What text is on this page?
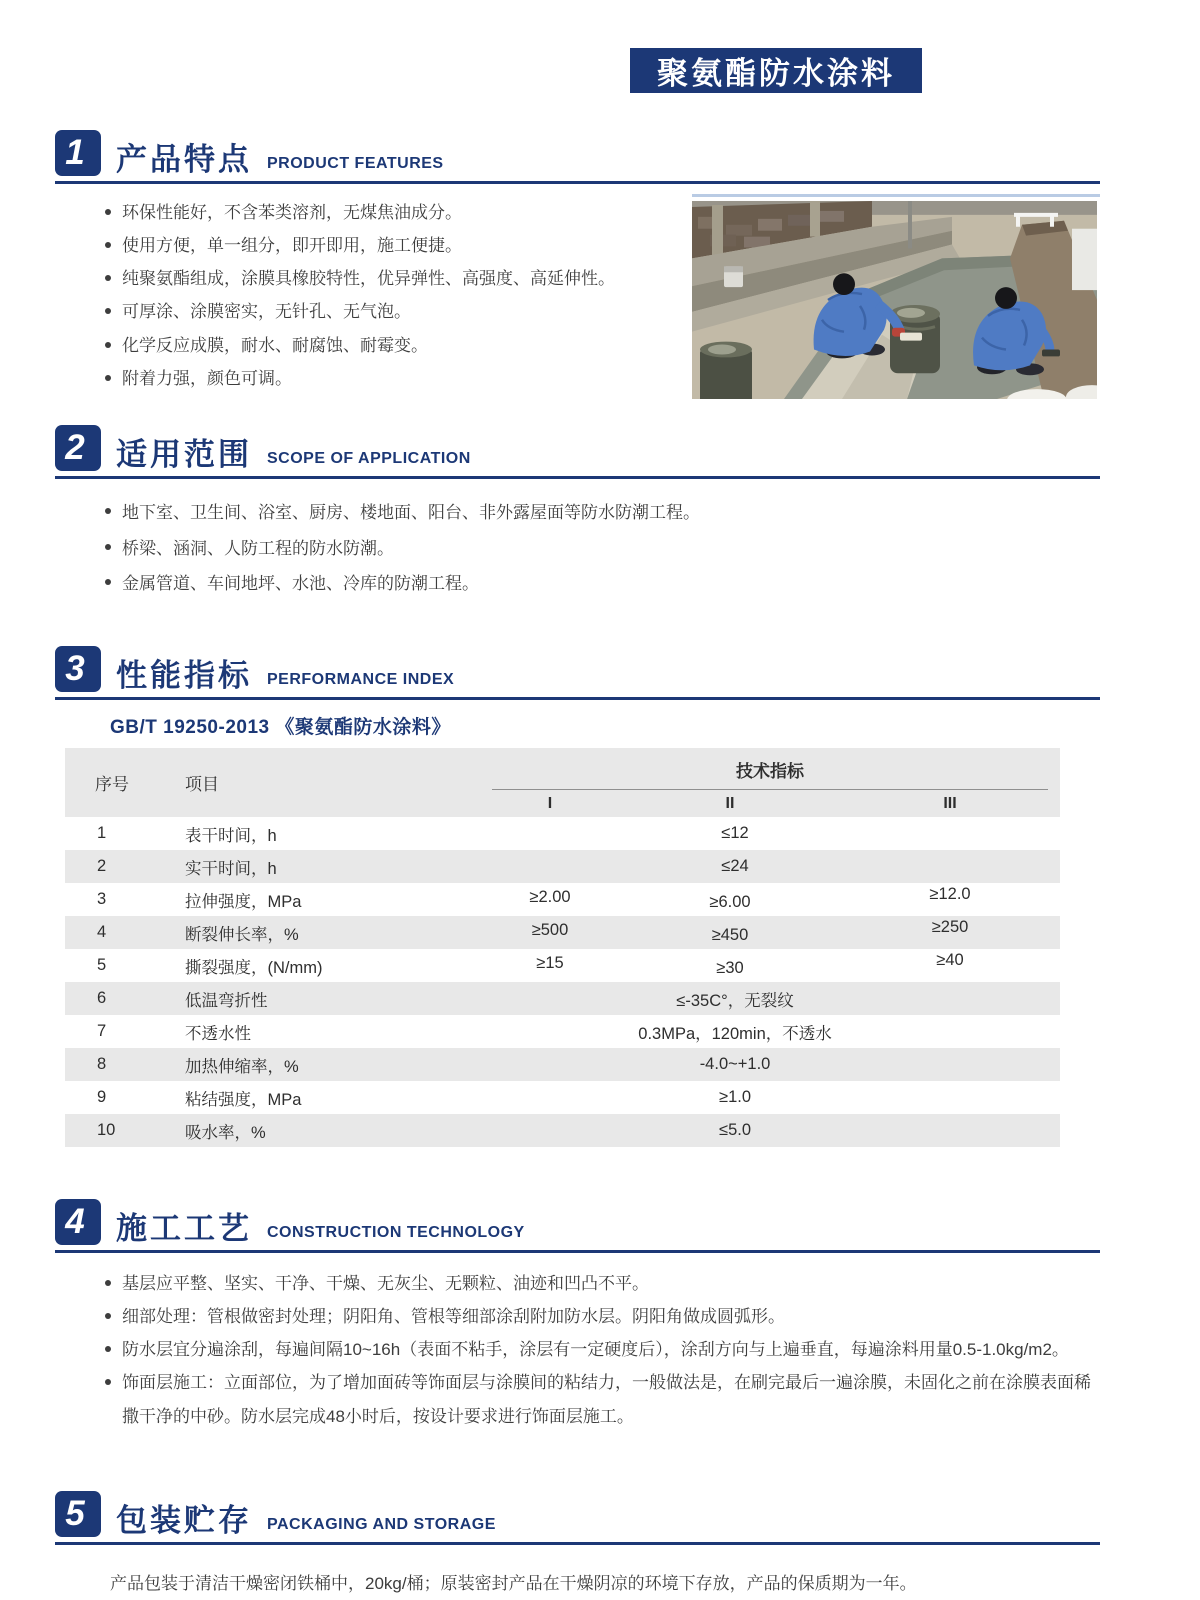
聚氨酯防水涂料
1	产品特点 PRODUCT FEATURES
环保性能好，不含苯类溶剂，无煤焦油成分。
使用方便，单一组分，即开即用，施工便捷。
纯聚氨酯组成，涂膜具橡胶特性，优异弹性、高强度、高延伸性。
可厚涂、涂膜密实，无针孔、无气泡。
化学反应成膜，耐水、耐腐蚀、耐霉变。
附着力强，颜色可调。
2	适用范围 SCOPE OF APPLICATION
地下室、卫生间、浴室、厨房、楼地面、阳台、非外露屋面等防水防潮工程。
桥梁、涵洞、人防工程的防水防潮。
金属管道、车间地坪、水池、冷库的防潮工程。
3	性能指标 PERFORMANCE INDEX

GB/T 19250-2013 《聚氨酯防水涂料》

序号	项目	技术指标		

		I	II	III
1	表干时间，h	≤12		
2	实干时间，h	≤24		
3	拉伸强度，MPa	≥2.00	≥6.00	≥12.0
4	断裂伸长率，%	≥500	≥450	≥250
5	撕裂强度，(N/mm)	≥15	≥30	≥40
6	低温弯折性	≤-35C°，无裂纹		
7	不透水性	0.3MPa，120min，不透水		
8	加热伸缩率，%	-4.0~+1.0		
9	粘结强度，MPa	≥1.0		
10	吸水率，%	≤5.0		
4	施工工艺 CONSTRUCTION TECHNOLOGY
基层应平整、坚实、干净、干燥、无灰尘、无颗粒、油迹和凹凸不平。
细部处理：管根做密封处理；阴阳角、管根等细部涂刮附加防水层。阴阳角做成圆弧形。
防水层宜分遍涂刮，每遍间隔10~16h（表面不粘手，涂层有一定硬度后），涂刮方向与上遍垂直，每遍涂料用量0.5-1.0kg/m2。
饰面层施工：立面部位，为了增加面砖等饰面层与涂膜间的粘结力，一般做法是，在刷完最后一遍涂膜，未固化之前在涂膜表面稀撒干净的中砂。防水层完成48小时后，按设计要求进行饰面层施工。
5	包装贮存 PACKAGING AND STORAGE

产品包装于清洁干燥密闭铁桶中，20kg/桶；原装密封产品在干燥阴凉的环境下存放，产品的保质期为一年。
